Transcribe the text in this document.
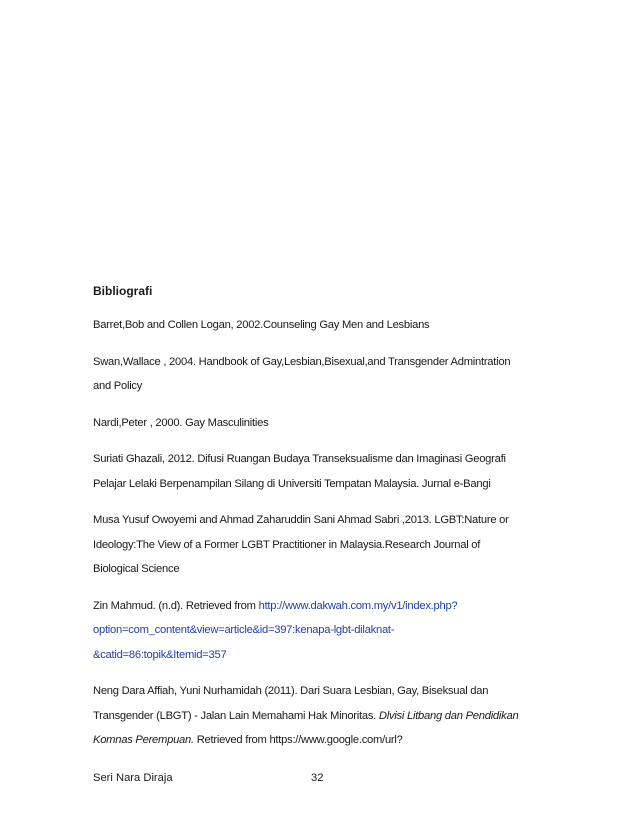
Bibliografi
Barret,Bob and Collen Logan, 2002.Counseling Gay Men and Lesbians
Swan,Wallace , 2004. Handbook of Gay,Lesbian,Bisexual,and Transgender Admintration
and Policy
Nardi,Peter , 2000. Gay Masculinities
Suriati Ghazali, 2012. Difusi Ruangan Budaya Transeksualisme dan Imaginasi Geografi
Pelajar Lelaki Berpenampilan Silang di Universiti Tempatan Malaysia. Jurnal e-Bangi
Musa Yusuf Owoyemi and Ahmad Zaharuddin Sani Ahmad Sabri ,2013. LGBT:Nature or
Ideology:The View of a Former LGBT Practitioner in Malaysia.Research Journal of
Biological Science
Zin Mahmud. (n.d). Retrieved from http://www.dakwah.com.my/v1/index.php?
option=com_content&view=article&id=397:kenapa-lgbt-dilaknat-
&catid=86:topik&Itemid=357
Neng Dara Affiah, Yuni Nurhamidah (2011). Dari Suara Lesbian, Gay, Biseksual dan
Transgender (LBGT) - Jalan Lain Memahami Hak Minoritas. Dlvisi Litbang dan Pendidikan
Komnas Perempuan. Retrieved from https://www.google.com/url?
Seri Nara Diraja	32
